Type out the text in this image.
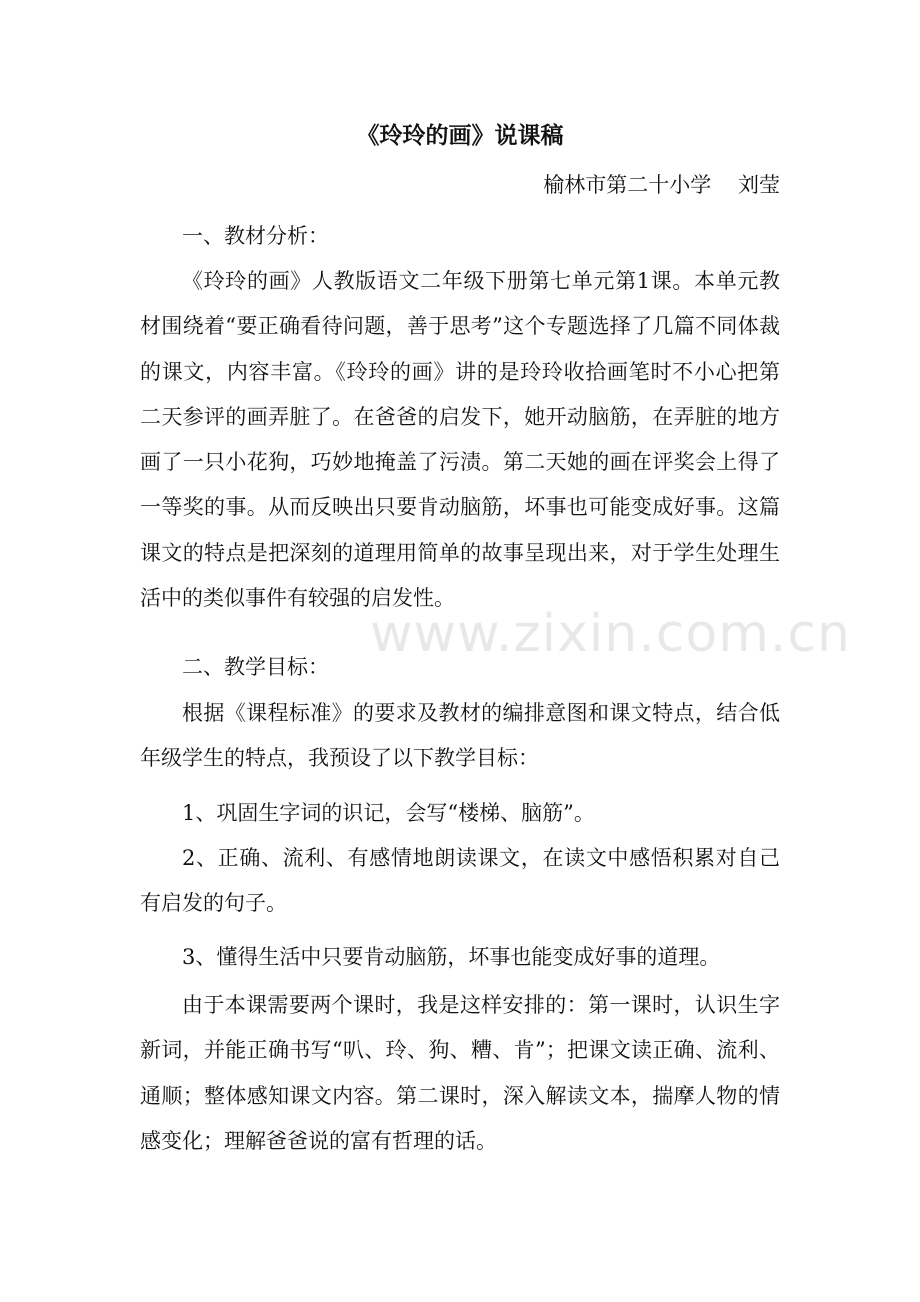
《玲玲的画》说课稿
榆林市第二十小学    刘莹

一、教材分析：

《玲玲的画》人教版语文二年级下册第七单元第1课。本单元教材围绕着“要正确看待问题，善于思考”这个专题选择了几篇不同体裁的课文，内容丰富。《玲玲的画》讲的是玲玲收拾画笔时不小心把第二天参评的画弄脏了。在爸爸的启发下，她开动脑筋，在弄脏的地方画了一只小花狗，巧妙地掩盖了污渍。第二天她的画在评奖会上得了一等奖的事。从而反映出只要肯动脑筋，坏事也可能变成好事。这篇课文的特点是把深刻的道理用简单的故事呈现出来，对于学生处理生活中的类似事件有较强的启发性。

二、教学目标：

根据《课程标准》的要求及教材的编排意图和课文特点，结合低年级学生的特点，我预设了以下教学目标：

1、巩固生字词的识记，会写“楼梯、脑筋”。

2、正确、流利、有感情地朗读课文，在读文中感悟积累对自己有启发的句子。

3、懂得生活中只要肯动脑筋，坏事也能变成好事的道理。

由于本课需要两个课时，我是这样安排的：第一课时，认识生字新词，并能正确书写“叭、玲、狗、糟、肯”；把课文读正确、流利、通顺；整体感知课文内容。第二课时，深入解读文本，揣摩人物的情感变化；理解爸爸说的富有哲理的话。

www.zixin.com.cn
